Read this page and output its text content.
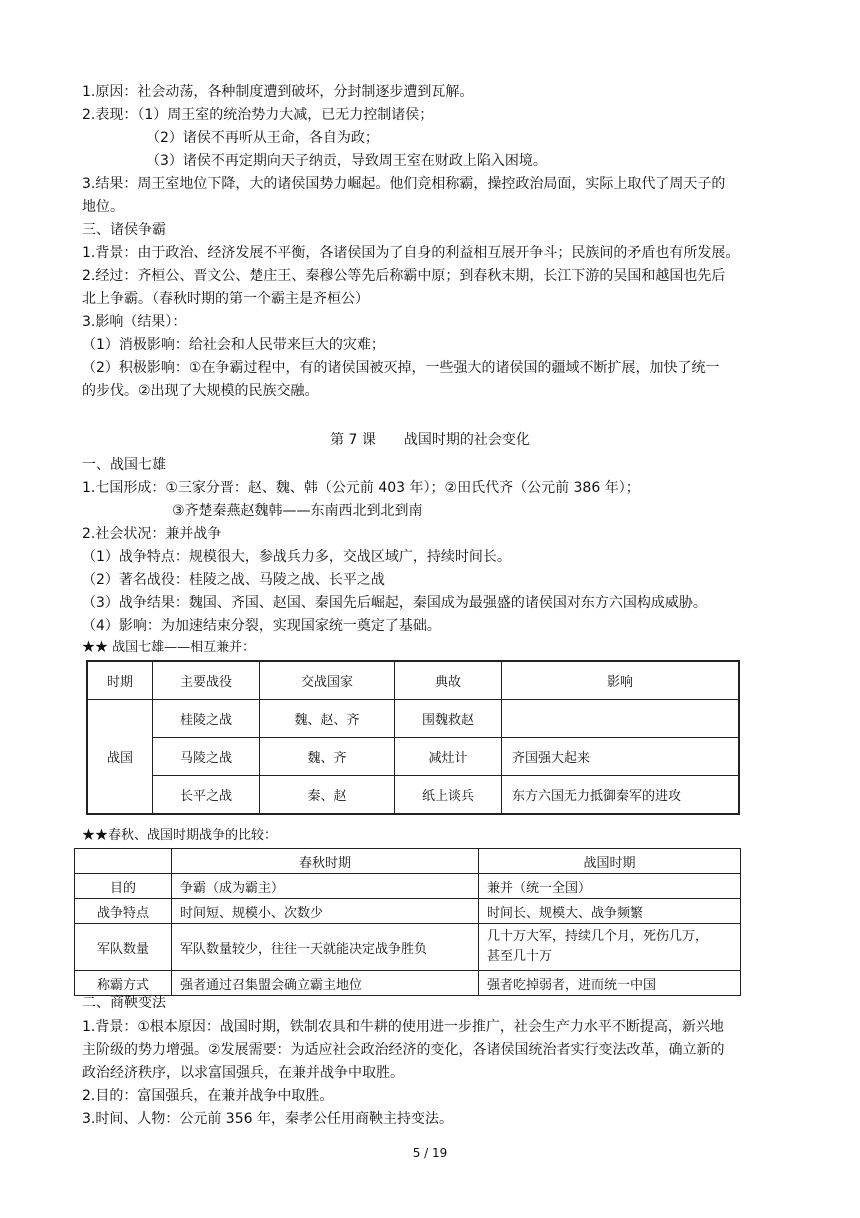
1.原因：社会动荡，各种制度遭到破坏，分封制逐步遭到瓦解。
2.表现：（1）周王室的统治势力大减，已无力控制诸侯；
（2）诸侯不再听从王命，各自为政；
（3）诸侯不再定期向天子纳贡，导致周王室在财政上陷入困境。
3.结果：周王室地位下降，大的诸侯国势力崛起。他们竞相称霸，操控政治局面，实际上取代了周天子的
地位。
三、诸侯争霸
1.背景：由于政治、经济发展不平衡，各诸侯国为了自身的利益相互展开争斗；民族间的矛盾也有所发展。
2.经过：齐桓公、晋文公、楚庄王、秦穆公等先后称霸中原；到春秋末期，长江下游的吴国和越国也先后
北上争霸。（春秋时期的第一个霸主是齐桓公）
3.影响（结果）：
（1）消极影响：给社会和人民带来巨大的灾难；
（2）积极影响：①在争霸过程中，有的诸侯国被灭掉，一些强大的诸侯国的疆域不断扩展，加快了统一
的步伐。②出现了大规模的民族交融。
第 7 课　　战国时期的社会变化
一、战国七雄
1.七国形成：①三家分晋：赵、魏、韩（公元前 403 年）；②田氏代齐（公元前 386 年）；
③齐楚秦燕赵魏韩——东南西北到北到南
2.社会状况：兼并战争
（1）战争特点：规模很大，参战兵力多，交战区域广，持续时间长。
（2）著名战役：桂陵之战、马陵之战、长平之战
（3）战争结果：魏国、齐国、赵国、秦国先后崛起，秦国成为最强盛的诸侯国对东方六国构成威胁。
（4）影响：为加速结束分裂，实现国家统一奠定了基础。
★★ 战国七雄——相互兼并：
时期	主要战役	交战国家	典故	影响
战国	桂陵之战	魏、赵、齐	围魏救赵	
	马陵之战	魏、齐	减灶计	齐国强大起来
	长平之战	秦、赵	纸上谈兵	东方六国无力抵御秦军的进攻
★★春秋、战国时期战争的比较：
	春秋时期	战国时期
目的	争霸（成为霸主）	兼并（统一全国）
战争特点	时间短、规模小、次数少	时间长、规模大、战争频繁
军队数量	军队数量较少，往往一天就能决定战争胜负	几十万大军，持续几个月，死伤几万，
甚至几十万

称霸方式	强者通过召集盟会确立霸主地位	强者吃掉弱者，进而统一中国
二、商鞅变法
1.背景：①根本原因：战国时期，铁制农具和牛耕的使用进一步推广，社会生产力水平不断提高，新兴地
主阶级的势力增强。②发展需要：为适应社会政治经济的变化，各诸侯国统治者实行变法改革，确立新的
政治经济秩序，以求富国强兵，在兼并战争中取胜。
2.目的：富国强兵，在兼并战争中取胜。
3.时间、人物：公元前 356 年，秦孝公任用商鞅主持变法。
5 / 19
